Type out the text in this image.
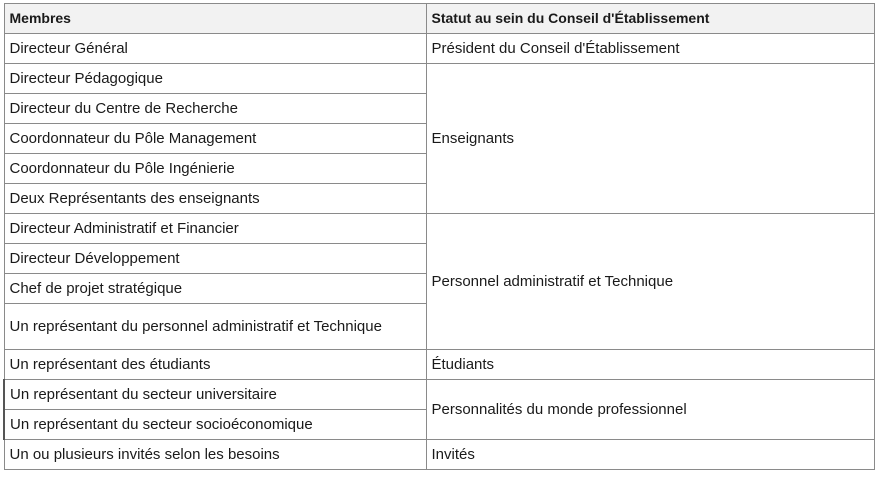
Membres	Statut au sein du Conseil d'Établissement
Directeur Général	Président du Conseil d'Établissement
Directeur Pédagogique	Enseignants
Directeur du Centre de Recherche	
Coordonnateur du Pôle Management	
Coordonnateur du Pôle Ingénierie	
Deux Représentants des enseignants	
Directeur Administratif et Financier	Personnel administratif et Technique
Directeur Développement	
Chef de projet stratégique	
Un représentant du personnel administratif et Technique	
Un représentant des étudiants	Étudiants
Un représentant du secteur universitaire	Personnalités du monde professionnel
Un représentant du secteur socioéconomique	
Un ou plusieurs invités selon les besoins	Invités
